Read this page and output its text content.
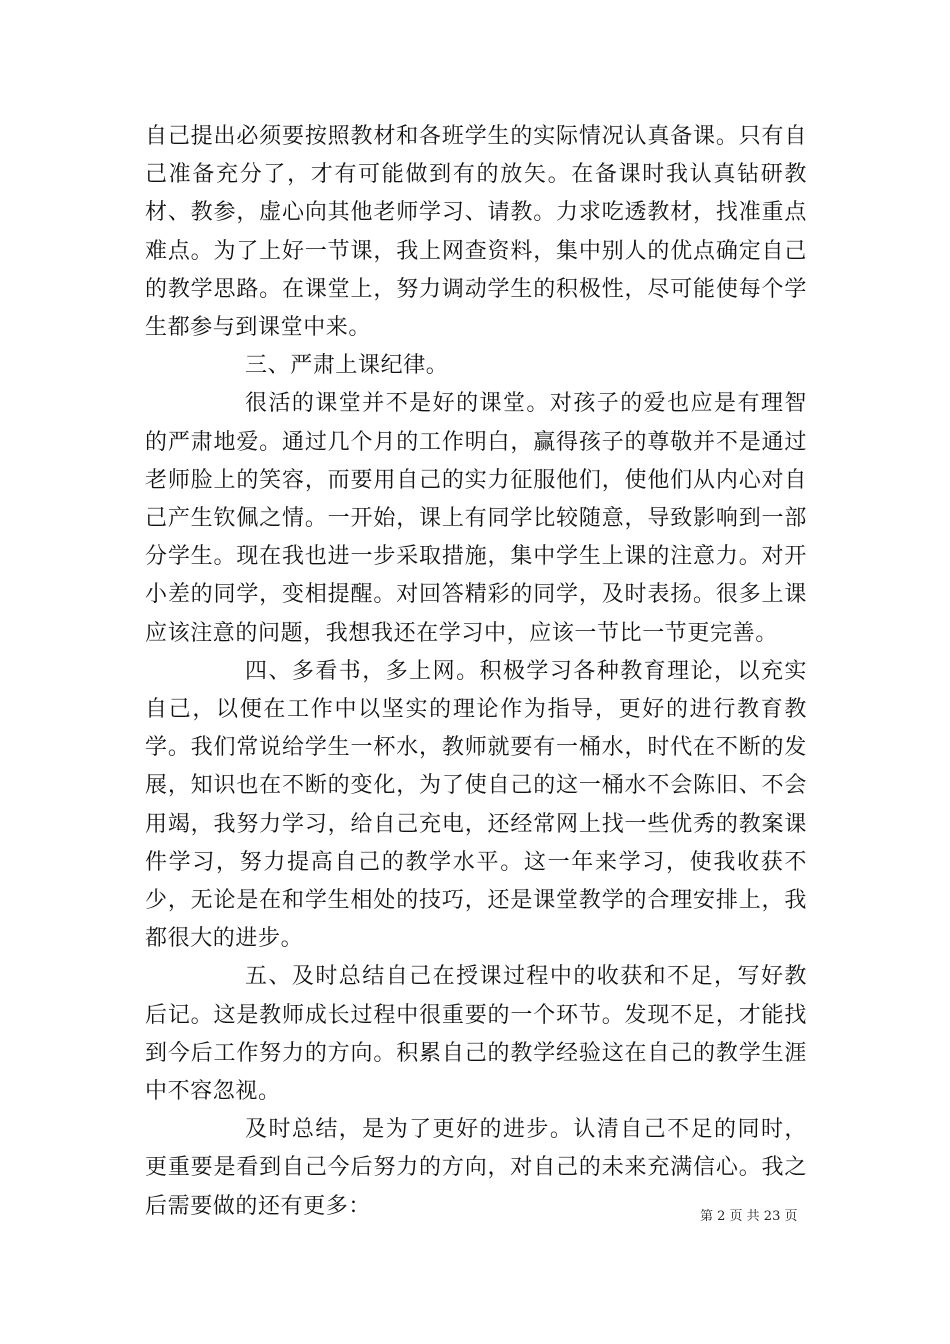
自己提出必须要按照教材和各班学生的实际情况认真备课。只有自己准备充分了，才有可能做到有的放矢。在备课时我认真钻研教材、教参，虚心向其他老师学习、请教。力求吃透教材，找准重点难点。为了上好一节课，我上网查资料，集中别人的优点确定自己的教学思路。在课堂上，努力调动学生的积极性，尽可能使每个学生都参与到课堂中来。

三、严肃上课纪律。

很活的课堂并不是好的课堂。对孩子的爱也应是有理智的严肃地爱。通过几个月的工作明白，赢得孩子的尊敬并不是通过老师脸上的笑容，而要用自己的实力征服他们，使他们从内心对自己产生钦佩之情。一开始，课上有同学比较随意，导致影响到一部分学生。现在我也进一步采取措施，集中学生上课的注意力。对开小差的同学，变相提醒。对回答精彩的同学，及时表扬。很多上课应该注意的问题，我想我还在学习中，应该一节比一节更完善。

四、多看书，多上网。积极学习各种教育理论，以充实自己，以便在工作中以坚实的理论作为指导，更好的进行教育教学。我们常说给学生一杯水，教师就要有一桶水，时代在不断的发展，知识也在不断的变化，为了使自己的这一桶水不会陈旧、不会用竭，我努力学习，给自己充电，还经常网上找一些优秀的教案课件学习，努力提高自己的教学水平。这一年来学习，使我收获不少，无论是在和学生相处的技巧，还是课堂教学的合理安排上，我都很大的进步。

五、及时总结自己在授课过程中的收获和不足，写好教后记。这是教师成长过程中很重要的一个环节。发现不足，才能找到今后工作努力的方向。积累自己的教学经验这在自己的教学生涯中不容忽视。

及时总结，是为了更好的进步。认清自己不足的同时，更重要是看到自己今后努力的方向，对自己的未来充满信心。我之后需要做的还有更多：	第 2 页 共 23 页
